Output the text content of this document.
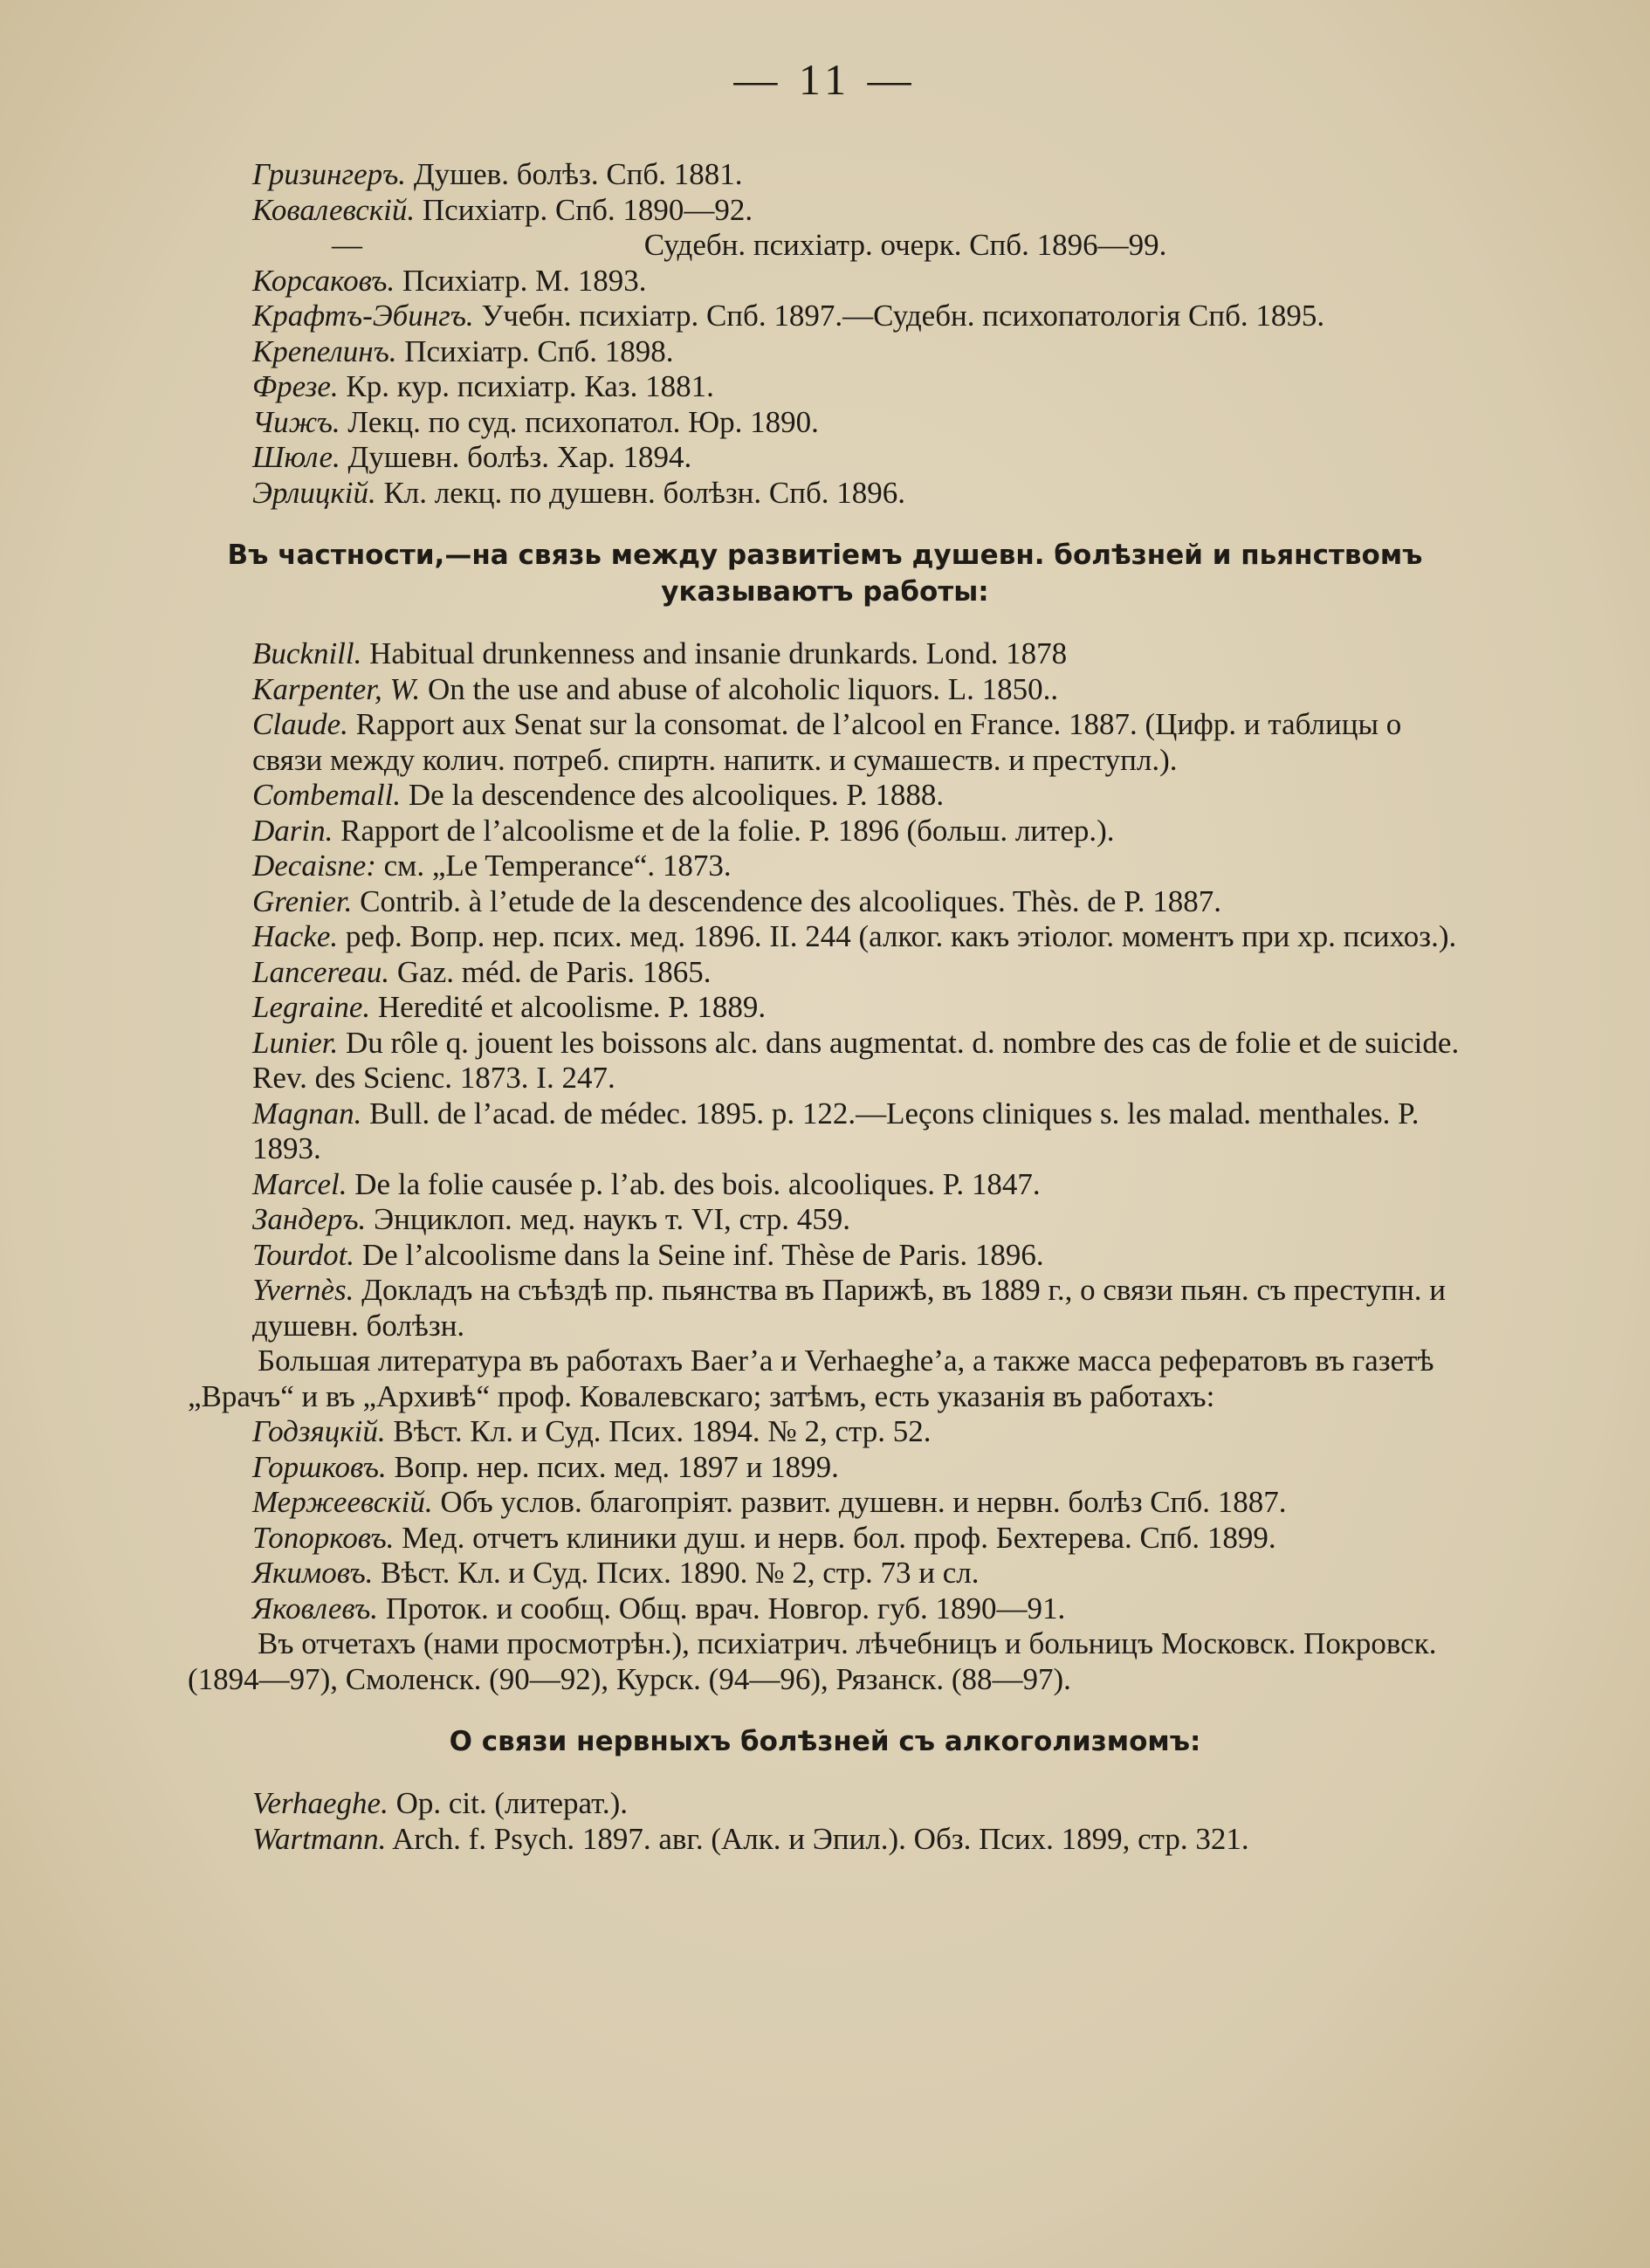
— 11 —

Гризингеръ. Душев. болѣз. Спб. 1881.

Ковалевскій. Психіатр. Спб. 1890—92.

—	Судебн. психіатр. очерк. Спб. 1896—99.

Корсаковъ. Психіатр. М. 1893.

Крафтъ-Эбингъ. Учебн. психіатр. Спб. 1897.—Судебн. психопатологія Спб. 1895.

Крепелинъ. Психіатр. Спб. 1898.

Фрезе. Кр. кур. психіатр. Каз. 1881.

Чижъ. Лекц. по суд. психопатол. Юр. 1890.

Шюле. Душевн. болѣз. Хар. 1894.

Эрлицкій. Кл. лекц. по душевн. болѣзн. Спб. 1896.

Въ частности,—на связь между развитіемъ душевн. болѣзней и пьянствомъ указываютъ работы:

Bucknill. Habitual drunkenness and insanie drunkards. Lond. 1878

Karpenter, W. On the use and abuse of alcoholic liquors. L. 1850..

Claude. Rapport aux Senat sur la consomat. de l’alcool en France. 1887. (Цифр. и таблицы о связи между колич. потреб. спиртн. напитк. и сумашеств. и преступл.).

Combemall. De la descendence des alcooliques. P. 1888.

Darin. Rapport de l’alcoolisme et de la folie. P. 1896 (больш. литер.).

Decaisne: см. „Le Temperance“. 1873.

Grenier. Contrib. à l’etude de la descendence des alcooliques. Thès. de P. 1887.

Hacke. реф. Вопр. нер. псих. мед. 1896. II. 244 (алког. какъ этіолог. моментъ при хр. психоз.).

Lancereau. Gaz. méd. de Paris. 1865.

Legraine. Heredité et alcoolisme. P. 1889.

Lunier. Du rôle q. jouent les boissons alc. dans augmentat. d. nombre des cas de folie et de suicide. Rev. des Scienc. 1873. I. 247.

Magnan. Bull. de l’acad. de médec. 1895. p. 122.—Leçons cliniques s. les malad. menthales. P. 1893.

Marcel. De la folie causée p. l’ab. des bois. alcooliques. P. 1847.

Зандеръ. Энциклоп. мед. наукъ т. VI, стр. 459.

Tourdot. De l’alcoolisme dans la Seine inf. Thèse de Paris. 1896.

Yvernès. Докладъ на съѣздѣ пр. пьянства въ Парижѣ, въ 1889 г., о связи пьян. съ преступн. и душевн. болѣзн.

Большая литература въ работахъ Baer’a и Verhaeghe’a, а также масса рефератовъ въ газетѣ „Врачъ“ и въ „Архивѣ“ проф. Ковалевскаго; затѣмъ, есть указанія въ работахъ:

Годзяцкій. Вѣст. Кл. и Суд. Псих. 1894. № 2, стр. 52.

Горшковъ. Вопр. нер. псих. мед. 1897 и 1899.

Мержеевскій. Объ услов. благопріят. развит. душевн. и нервн. болѣз Спб. 1887.

Топорковъ. Мед. отчетъ клиники душ. и нерв. бол. проф. Бехтерева. Спб. 1899.

Якимовъ. Вѣст. Кл. и Суд. Псих. 1890. № 2, стр. 73 и сл.

Яковлевъ. Проток. и сообщ. Общ. врач. Новгор. губ. 1890—91.

Въ отчетахъ (нами просмотрѣн.), психіатрич. лѣчебницъ и больницъ Московск. Покровск. (1894—97), Смоленск. (90—92), Курск. (94—96), Рязанск. (88—97).

О связи нервныхъ болѣзней съ алкоголизмомъ:

Verhaeghe. Op. cit. (литерат.).

Wartmann. Arch. f. Psych. 1897. авг. (Алк. и Эпил.). Обз. Псих. 1899, стр. 321.
